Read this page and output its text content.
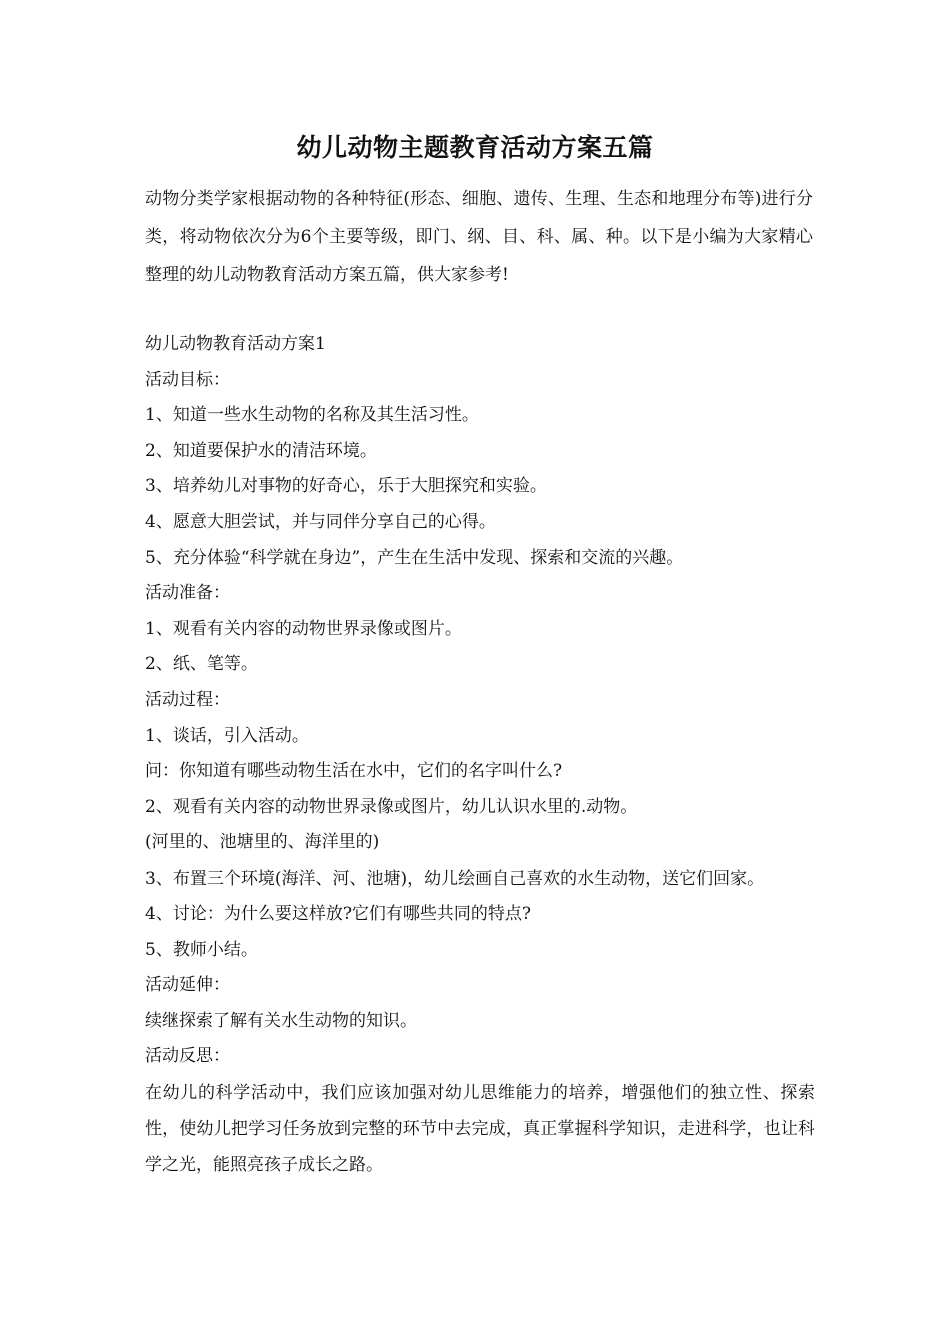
幼儿动物主题教育活动方案五篇

动物分类学家根据动物的各种特征(形态、细胞、遗传、生理、生态和地理分布等)进行分类，将动物依次分为6个主要等级，即门、纲、目、科、属、种。以下是小编为大家精心整理的幼儿动物教育活动方案五篇，供大家参考!

幼儿动物教育活动方案1
活动目标：
1、知道一些水生动物的名称及其生活习性。
2、知道要保护水的清洁环境。
3、培养幼儿对事物的好奇心，乐于大胆探究和实验。
4、愿意大胆尝试，并与同伴分享自己的心得。
5、充分体验“科学就在身边”，产生在生活中发现、探索和交流的兴趣。
活动准备：
1、观看有关内容的动物世界录像或图片。
2、纸、笔等。
活动过程：
1、谈话，引入活动。
问：你知道有哪些动物生活在水中，它们的名字叫什么?
2、观看有关内容的动物世界录像或图片，幼儿认识水里的.动物。
(河里的、池塘里的、海洋里的)
3、布置三个环境(海洋、河、池塘)，幼儿绘画自己喜欢的水生动物，送它们回家。
4、讨论：为什么要这样放?它们有哪些共同的特点?
5、教师小结。
活动延伸：
续继探索了解有关水生动物的知识。
活动反思：
在幼儿的科学活动中，我们应该加强对幼儿思维能力的培养，增强他们的独立性、探索性，使幼儿把学习任务放到完整的环节中去完成，真正掌握科学知识，走进科学，也让科学之光，能照亮孩子成长之路。
